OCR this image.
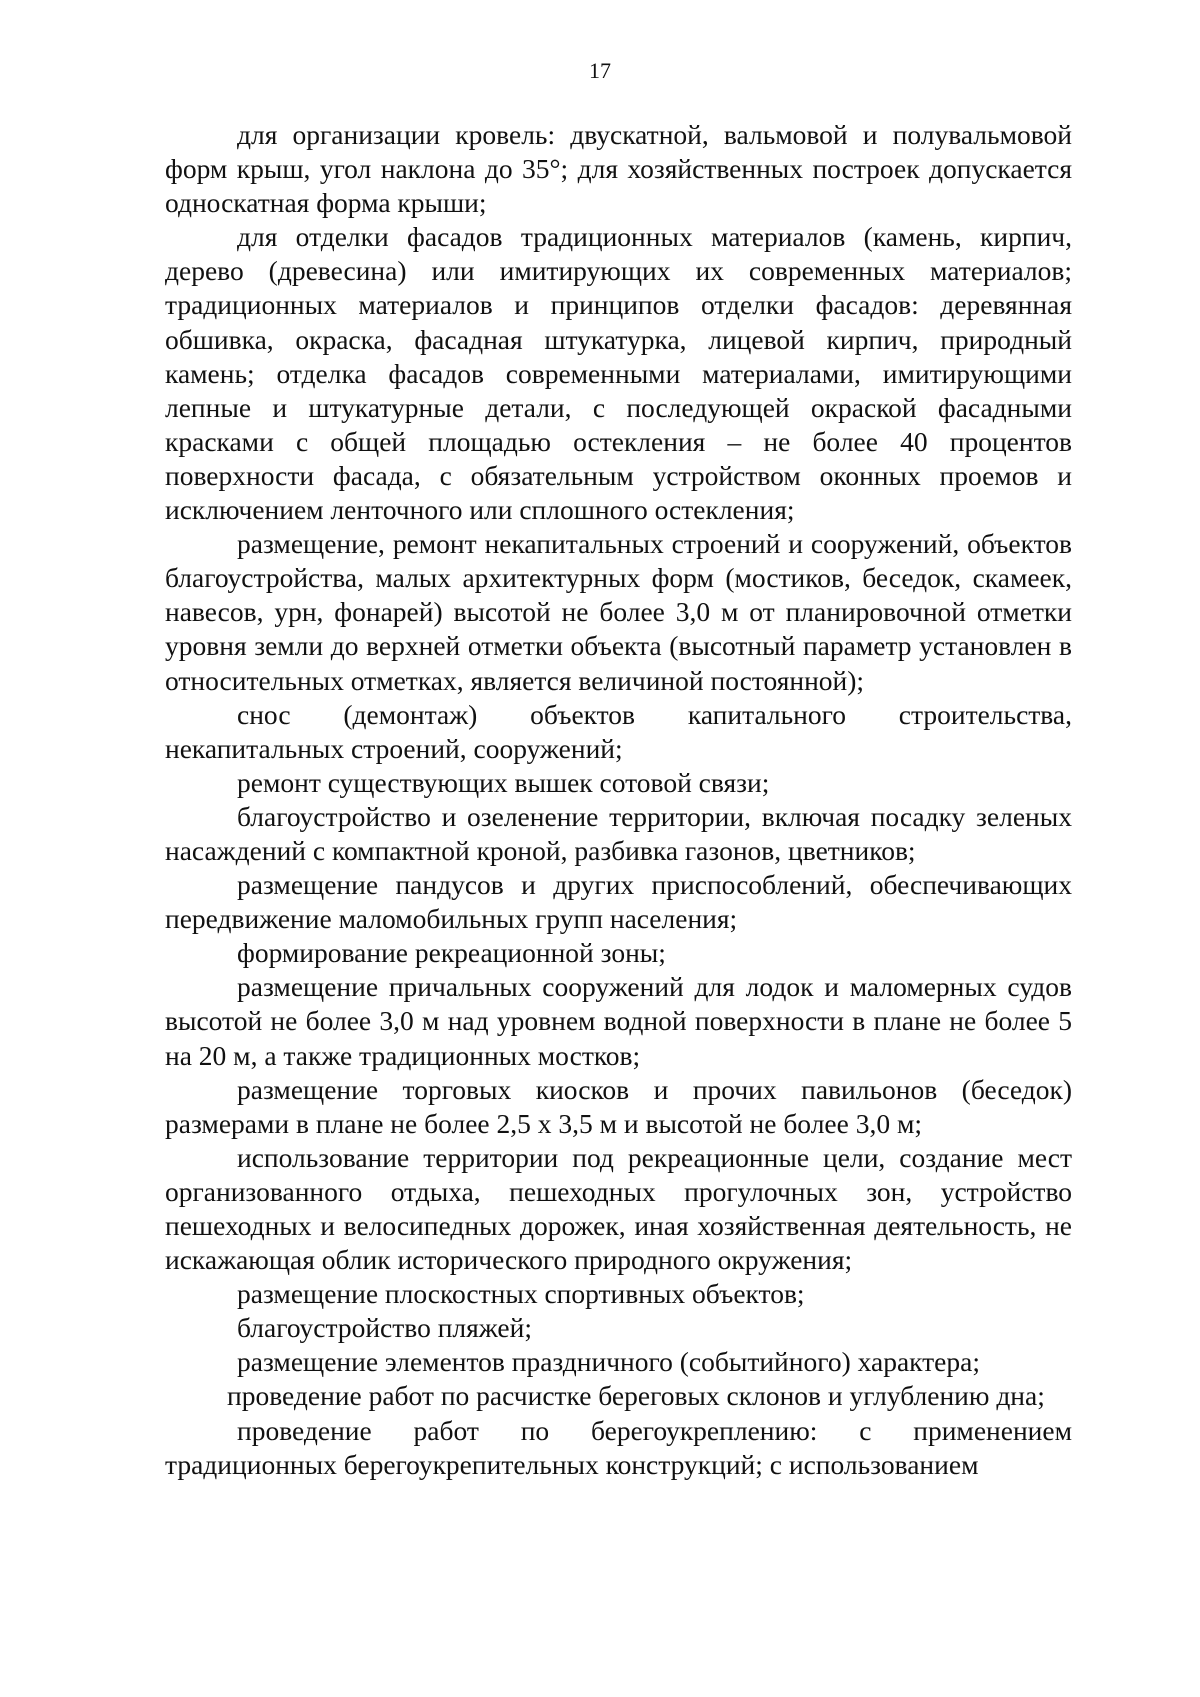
17

для организации кровель: двускатной, вальмовой и полувальмовой форм крыш, угол наклона до 35°; для хозяйственных построек допускается односкатная форма крыши;

для отделки фасадов традиционных материалов (камень, кирпич, дерево (древесина) или имитирующих их современных материалов; традиционных материалов и принципов отделки фасадов: деревянная обшивка, окраска, фасадная штукатурка, лицевой кирпич, природный камень; отделка фасадов современными материалами, имитирующими лепные и штукатурные детали, с последующей окраской фасадными красками с общей площадью остекления – не более 40 процентов поверхности фасада, с обязательным устройством оконных проемов и исключением ленточного или сплошного остекления;

размещение, ремонт некапитальных строений и сооружений, объектов благоустройства, малых архитектурных форм (мостиков, беседок, скамеек, навесов, урн, фонарей) высотой не более 3,0 м от планировочной отметки уровня земли до верхней отметки объекта (высотный параметр установлен в относительных отметках, является величиной постоянной);

снос (демонтаж) объектов капитального строительства, некапитальных строений, сооружений;

ремонт существующих вышек сотовой связи;

благоустройство и озеленение территории, включая посадку зеленых насаждений с компактной кроной, разбивка газонов, цветников;

размещение пандусов и других приспособлений, обеспечивающих передвижение маломобильных групп населения;

формирование рекреационной зоны;

размещение причальных сооружений для лодок и маломерных судов высотой не более 3,0 м над уровнем водной поверхности в плане не более 5 на 20 м, а также традиционных мостков;

размещение торговых киосков и прочих павильонов (беседок) размерами в плане не более 2,5 х 3,5 м и высотой не более 3,0 м;

использование территории под рекреационные цели, создание мест организованного отдыха, пешеходных прогулочных зон, устройство пешеходных и велосипедных дорожек, иная хозяйственная деятельность, не искажающая облик исторического природного окружения;

размещение плоскостных спортивных объектов;

благоустройство пляжей;

размещение элементов праздничного (событийного) характера;

проведение работ по расчистке береговых склонов и углублению дна;

проведение работ по берегоукреплению: с применением традиционных берегоукрепительных конструкций; с использованием
